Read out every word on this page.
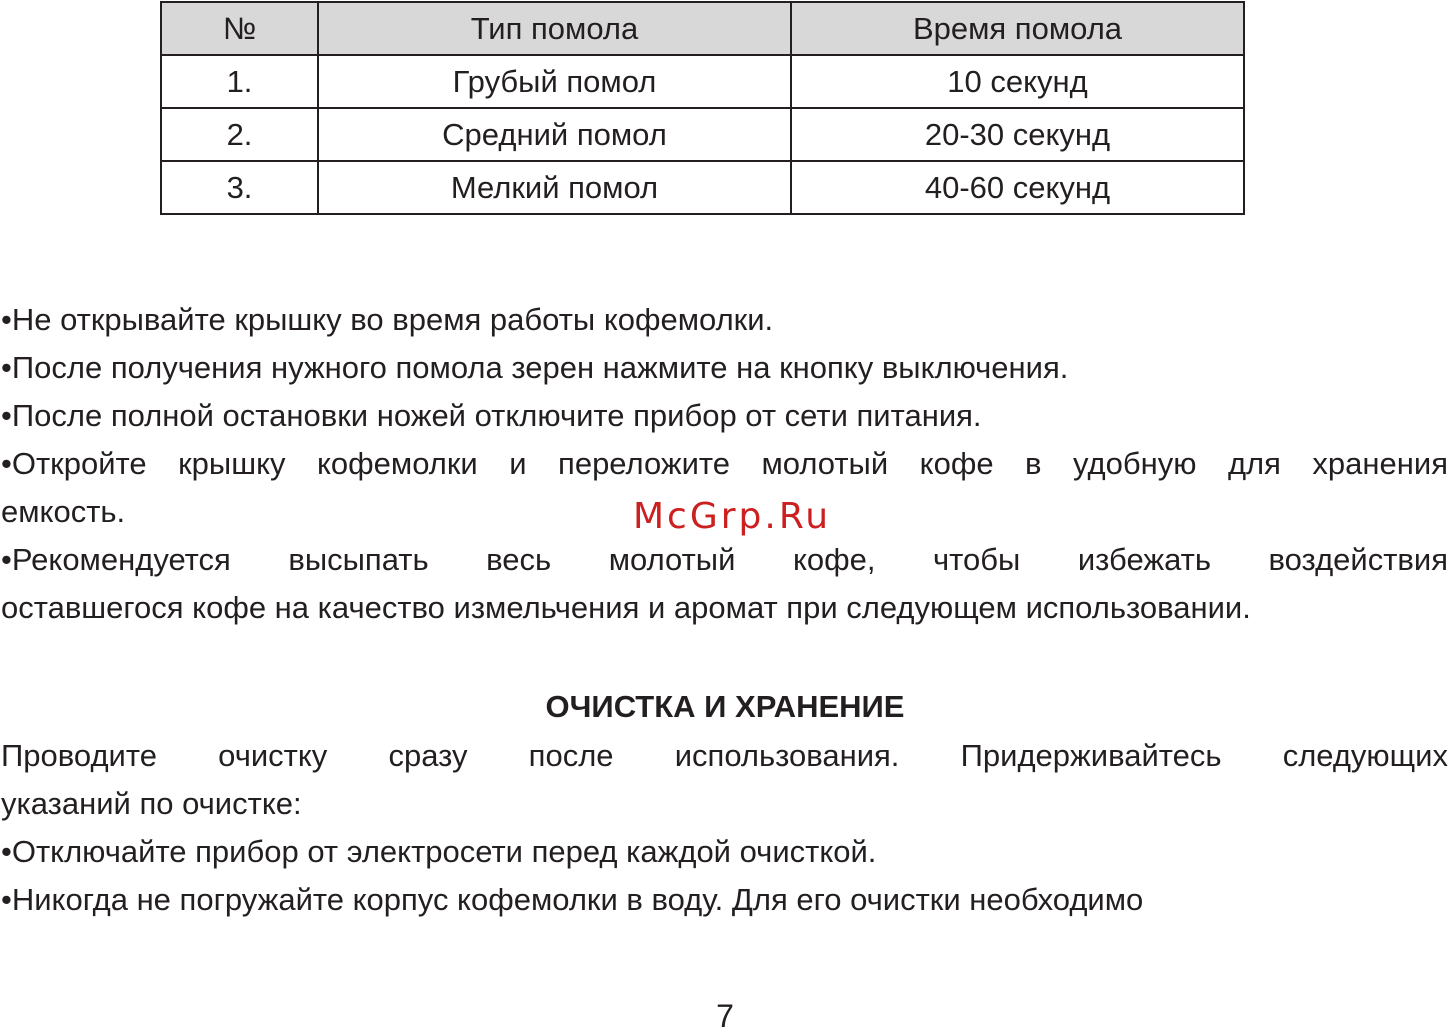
№	Тип помола	Время помола
1.	Грубый помол	10 секунд
2.	Средний помол	20-30 секунд
3.	Мелкий помол	40-60 секунд
•Не открывайте крышку во время работы кофемолки.
•После получения нужного помола зерен нажмите на кнопку выключения.
•После полной остановки ножей отключите прибор от сети питания.
•Откройте крышку кофемолки и переложите молотый кофе в удобную для хранения
емкость.
•Рекомендуется высыпать весь молотый кофе, чтобы избежать воздействия
оставшегося кофе на качество измельчения и аромат при следующем использовании.
McGrp.Ru
ОЧИСТКА И ХРАНЕНИЕ
Проводите очистку сразу после использования. Придерживайтесь следующих
указаний по очистке:
•Отключайте прибор от электросети перед каждой очисткой.
•Никогда не погружайте корпус кофемолки в воду. Для его очистки необходимо
7
